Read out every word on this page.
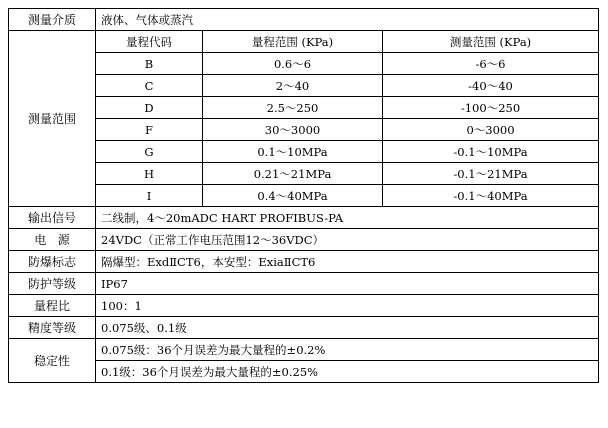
测量介质	液体、气体或蒸汽		
测量范围	量程代码	量程范围 (KPa)	测量范围 (KPa)
	B	0.6～6	-6～6
	C	2～40	-40～40
	D	2.5～250	-100～250
	F	30～3000	0～3000
	G	0.1～10MPa	-0.1～10MPa
	H	0.21～21MPa	-0.1～21MPa
	I	0.4～40MPa	-0.1～40MPa
输出信号	二线制，4～20mADC HART PROFIBUS-PA		
电   源	24VDC（正常工作电压范围12～36VDC）		
防爆标志	隔爆型：ExdⅡCT6，本安型：ExiaⅡCT6		
防护等级	IP67		
量程比	100：1		
精度等级	0.075级、0.1级		
稳定性	0.075级：36个月误差为最大量程的±0.2%		
	0.1级：36个月误差为最大量程的±0.25%		
